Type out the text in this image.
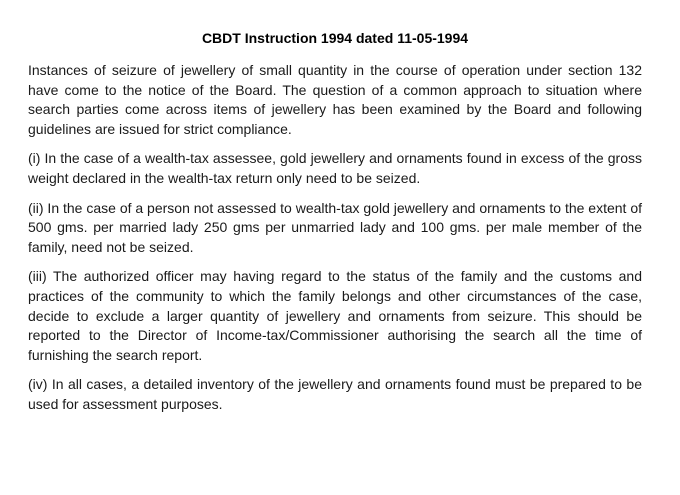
CBDT Instruction 1994 dated 11-05-1994

Instances of seizure of jewellery of small quantity in the course of operation under section 132 have come to the notice of the Board. The question of a common approach to situation where search parties come across items of jewellery has been examined by the Board and following guidelines are issued for strict compliance.

(i) In the case of a wealth-tax assessee, gold jewellery and ornaments found in excess of the gross weight declared in the wealth-tax return only need to be seized.

(ii) In the case of a person not assessed to wealth-tax gold jewellery and ornaments to the extent of 500 gms. per married lady 250 gms per unmarried lady and 100 gms. per male member of the family, need not be seized.

(iii) The authorized officer may having regard to the status of the family and the customs and practices of the community to which the family belongs and other circumstances of the case, decide to exclude a larger quantity of jewellery and ornaments from seizure. This should be reported to the Director of Income-tax/Commissioner authorising the search all the time of furnishing the search report.

(iv) In all cases, a detailed inventory of the jewellery and ornaments found must be prepared to be used for assessment purposes.
